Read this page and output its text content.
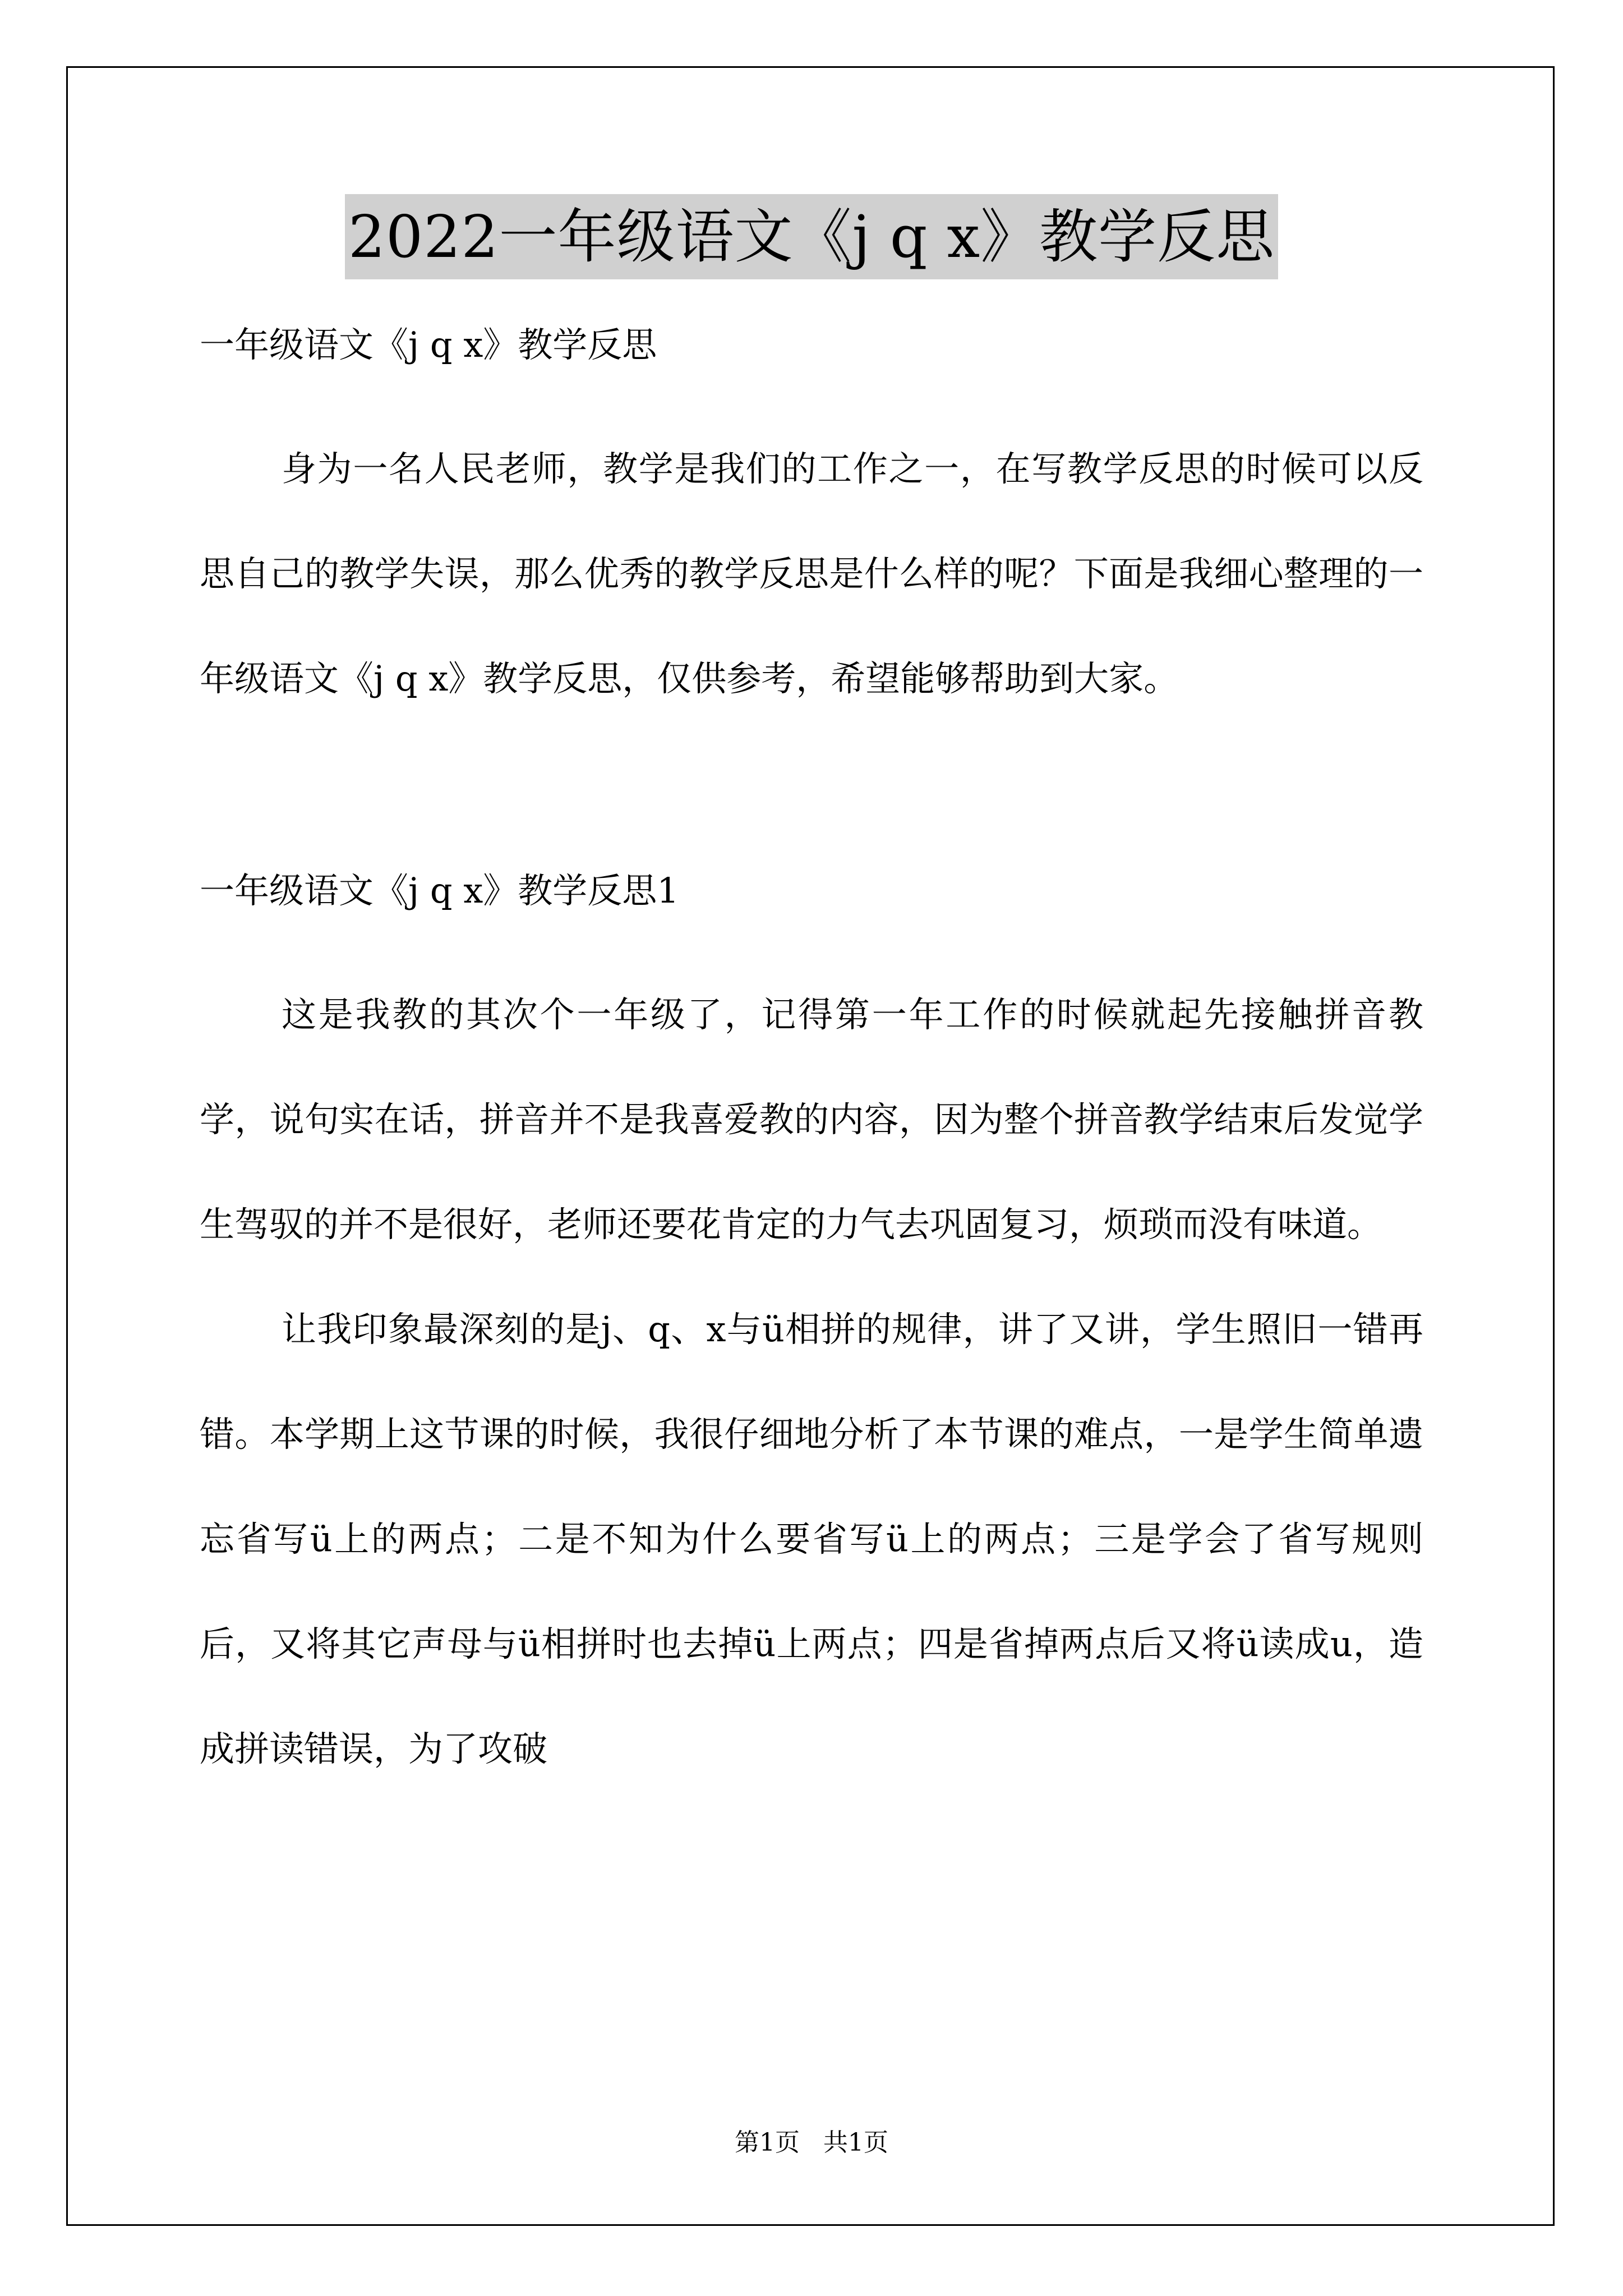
2022一年级语文《j q x》教学反思

一年级语文《j q x》教学反思

身为一名人民老师，教学是我们的工作之一，在写教学反思的时候可以反思自己的教学失误，那么优秀的教学反思是什么样的呢？下面是我细心整理的一年级语文《j q x》教学反思，仅供参考，希望能够帮助到大家。

一年级语文《j q x》教学反思1

这是我教的其次个一年级了，记得第一年工作的时候就起先接触拼音教学，说句实在话，拼音并不是我喜爱教的内容，因为整个拼音教学结束后发觉学生驾驭的并不是很好，老师还要花肯定的力气去巩固复习，烦琐而没有味道。

让我印象最深刻的是j、q、x与ü相拼的规律，讲了又讲，学生照旧一错再错。本学期上这节课的时候，我很仔细地分析了本节课的难点，一是学生简单遗忘省写ü上的两点；二是不知为什么要省写ü上的两点；三是学会了省写规则后，又将其它声母与ü相拼时也去掉ü上两点；四是省掉两点后又将ü读成u，造成拼读错误，为了攻破

第1页   共1页
